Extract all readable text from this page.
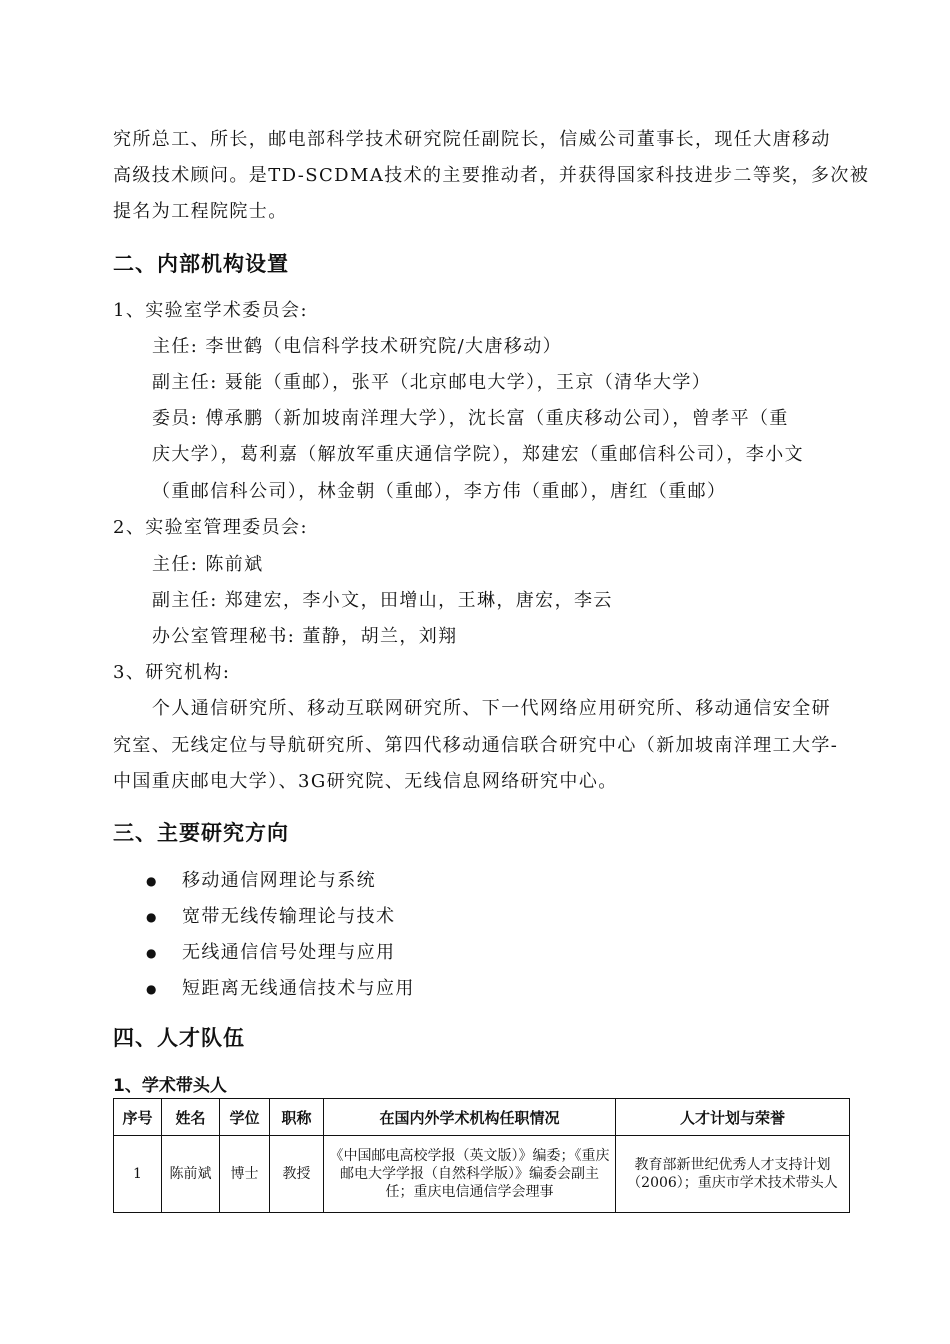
究所总工、所长，邮电部科学技术研究院任副院长，信威公司董事长，现任大唐移动
高级技术顾问。是TD-SCDMA技术的主要推动者，并获得国家科技进步二等奖，多次被
提名为工程院院士。
二、内部机构设置
1、实验室学术委员会:
主任: 李世鹤（电信科学技术研究院/大唐移动）
副主任: 聂能（重邮），张平（北京邮电大学），王京（清华大学）
委员: 傅承鹏（新加坡南洋理大学），沈长富（重庆移动公司），曾孝平（重
庆大学），葛利嘉（解放军重庆通信学院），郑建宏（重邮信科公司），李小文
（重邮信科公司），林金朝（重邮），李方伟（重邮），唐红（重邮）
2、实验室管理委员会:
主任: 陈前斌
副主任: 郑建宏，李小文，田增山，王琳，唐宏，李云
办公室管理秘书: 董静，胡兰，刘翔
3、研究机构:
个人通信研究所、移动互联网研究所、下一代网络应用研究所、移动通信安全研
究室、无线定位与导航研究所、第四代移动通信联合研究中心（新加坡南洋理工大学-
中国重庆邮电大学）、3G研究院、无线信息网络研究中心。
三、主要研究方向
● 移动通信网理论与系统
● 宽带无线传输理论与技术
● 无线通信信号处理与应用
● 短距离无线通信技术与应用
四、人才队伍
1、学术带头人
序号	姓名	学位	职称	在国内外学术机构任职情况	人才计划与荣誉
1	陈前斌	博士	教授	《中国邮电高校学报（英文版）》编委；《重庆邮电大学学报（自然科学版）》编委会副主任；重庆电信通信学会理事	教育部新世纪优秀人才支持计划（2006）；重庆市学术技术带头人
